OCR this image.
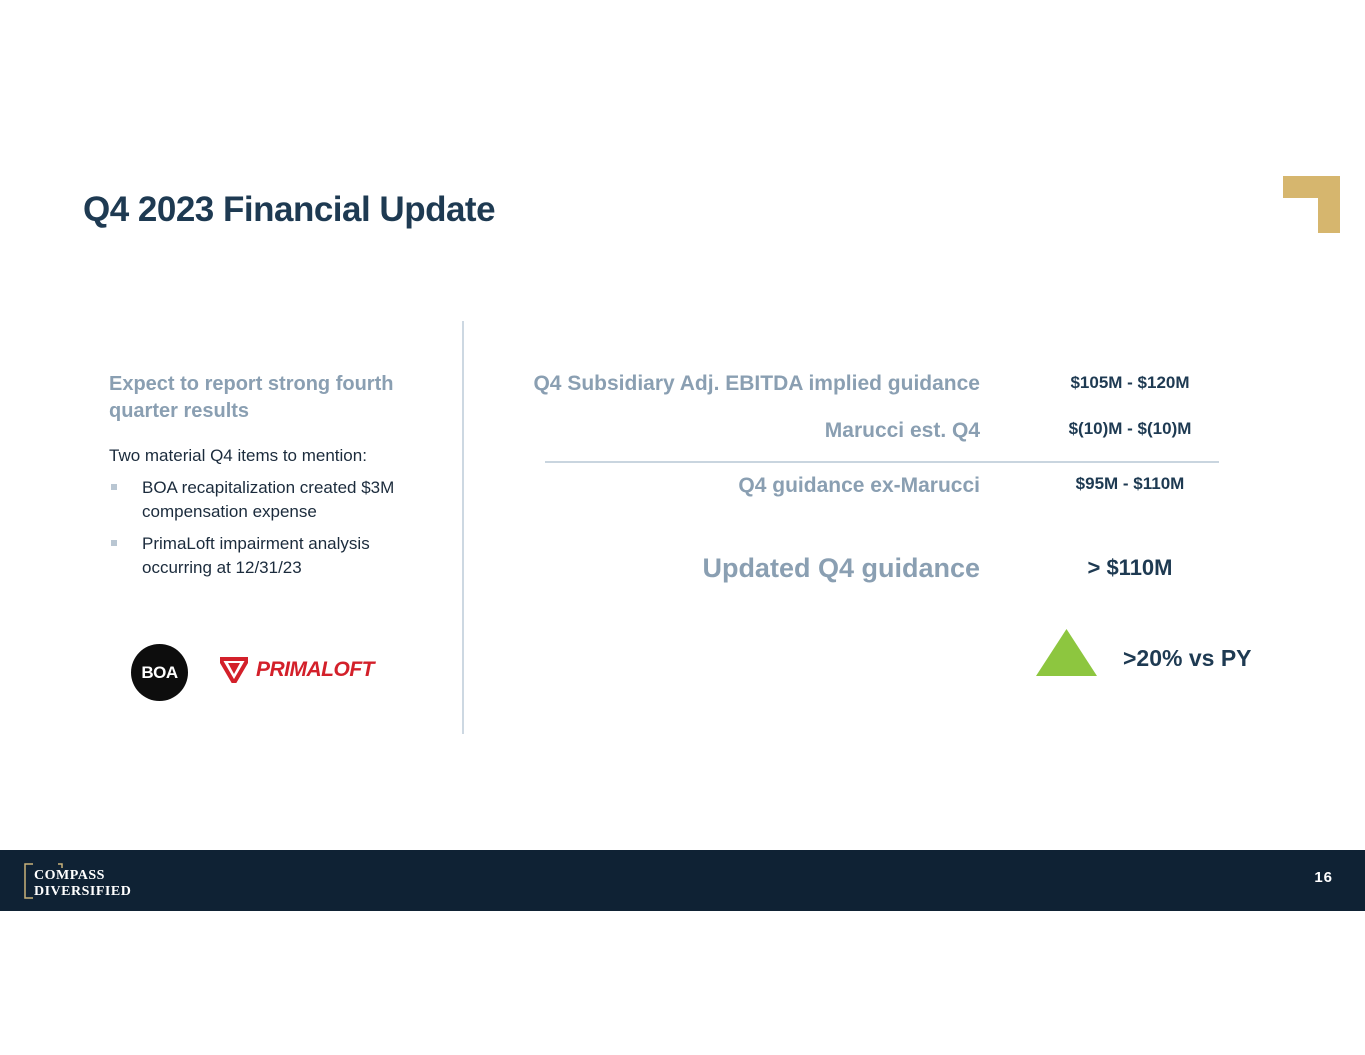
Q4 2023 Financial Update
Expect to report strong fourth quarter results
Two material Q4 items to mention:
BOA recapitalization created $3M compensation expense
PrimaLoft impairment analysis occurring at 12/31/23
BOA	PRIMALOFT
Q4 Subsidiary Adj. EBITDA implied guidance	$105M - $120M
Marucci est. Q4	$(10)M - $(10)M
Q4 guidance ex-Marucci	$95M - $110M
Updated Q4 guidance	> $110M
>20% vs PY
COMPASS
DIVERSIFIED
16
